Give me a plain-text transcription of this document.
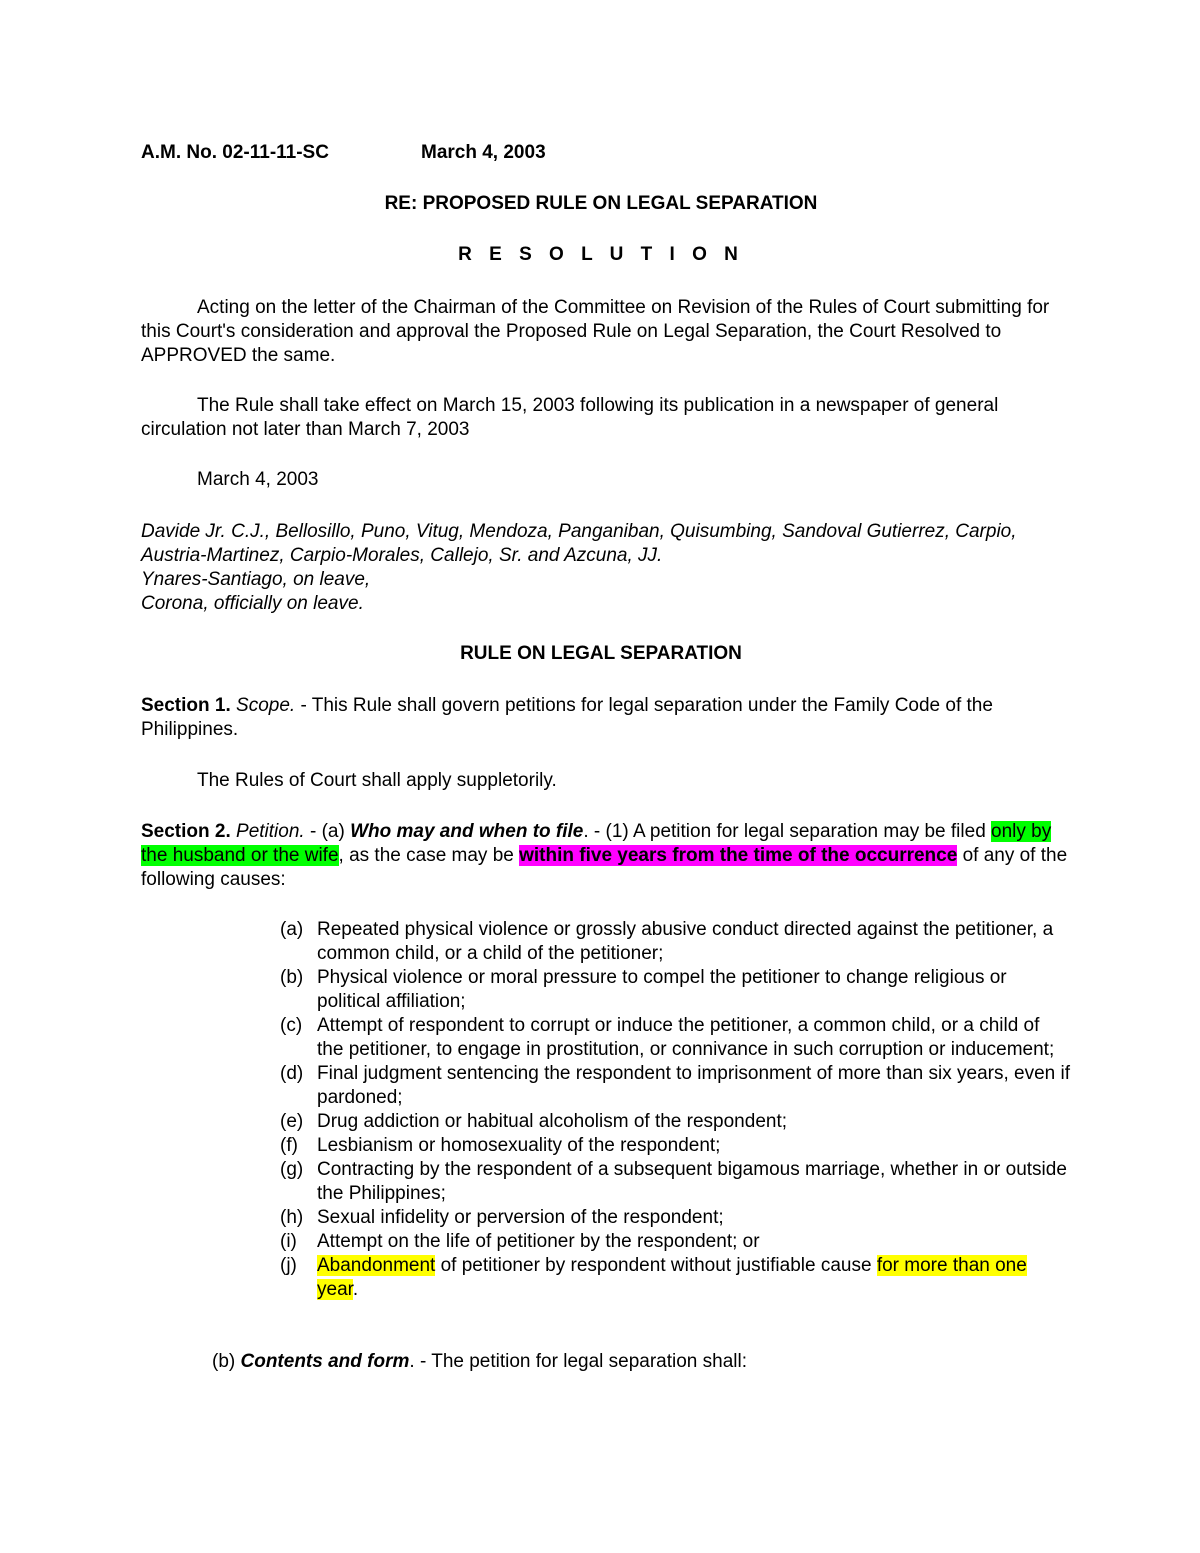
A.M. No. 02-11-11-SC	March 4, 2003
RE: PROPOSED RULE ON LEGAL SEPARATION
R E S O L U T I O N
Acting on the letter of the Chairman of the Committee on Revision of the Rules of Court submitting for this Court's consideration and approval the Proposed Rule on Legal Separation, the Court Resolved to APPROVED the same.
The Rule shall take effect on March 15, 2003 following its publication in a newspaper of general circulation not later than March 7, 2003
March 4, 2003
Davide Jr. C.J., Bellosillo, Puno, Vitug, Mendoza, Panganiban, Quisumbing, Sandoval Gutierrez, Carpio, Austria-Martinez, Carpio-Morales, Callejo, Sr. and Azcuna, JJ.
Ynares-Santiago, on leave,
Corona, officially on leave.
RULE ON LEGAL SEPARATION
Section 1. Scope. - This Rule shall govern petitions for legal separation under the Family Code of the Philippines.
The Rules of Court shall apply suppletorily.
Section 2. Petition. - (a) Who may and when to file. - (1) A petition for legal separation may be filed only by the husband or the wife, as the case may be within five years from the time of the occurrence of any of the following causes:
(a) Repeated physical violence or grossly abusive conduct directed against the petitioner, a common child, or a child of the petitioner;
(b) Physical violence or moral pressure to compel the petitioner to change religious or political affiliation;
(c) Attempt of respondent to corrupt or induce the petitioner, a common child, or a child of the petitioner, to engage in prostitution, or connivance in such corruption or inducement;
(d) Final judgment sentencing the respondent to imprisonment of more than six years, even if pardoned;
(e) Drug addiction or habitual alcoholism of the respondent;
(f) Lesbianism or homosexuality of the respondent;
(g) Contracting by the respondent of a subsequent bigamous marriage, whether in or outside the Philippines;
(h) Sexual infidelity or perversion of the respondent;
(i) Attempt on the life of petitioner by the respondent; or
(j) Abandonment of petitioner by respondent without justifiable cause for more than one year.
(b) Contents and form. - The petition for legal separation shall:
